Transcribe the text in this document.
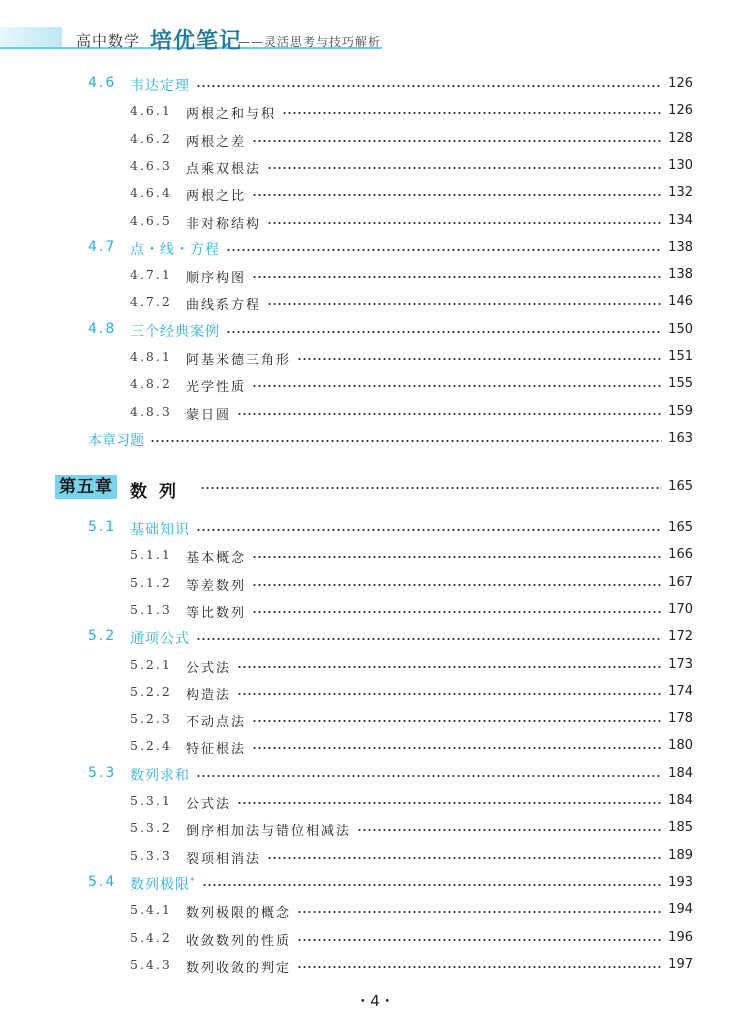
高中数学 培优笔记
——灵活思考与技巧解析
4.6 韦达定理	126
4.6.1 两根之和与积	126
4.6.2 两根之差	128
4.6.3 点乘双根法	130
4.6.4 两根之比	132
4.6.5 非对称结构	134
4.7 点・线・方程	138
4.7.1 顺序构图	138
4.7.2 曲线系方程	146
4.8 三个经典案例	150
4.8.1 阿基米德三角形	151
4.8.2 光学性质	155
4.8.3 蒙日圆	159
本章习题	163
第五章 数列	165
5.1 基础知识	165
5.1.1 基本概念	166
5.1.2 等差数列	167
5.1.3 等比数列	170
5.2 通项公式	172
5.2.1 公式法	173
5.2.2 构造法	174
5.2.3 不动点法	178
5.2.4 特征根法	180
5.3 数列求和	184
5.3.1 公式法	184
5.3.2 倒序相加法与错位相减法	185
5.3.3 裂项相消法	189
5.4 数列极限*	193
5.4.1 数列极限的概念	194
5.4.2 收敛数列的性质	196
5.4.3 数列收敛的判定	197
・4・
